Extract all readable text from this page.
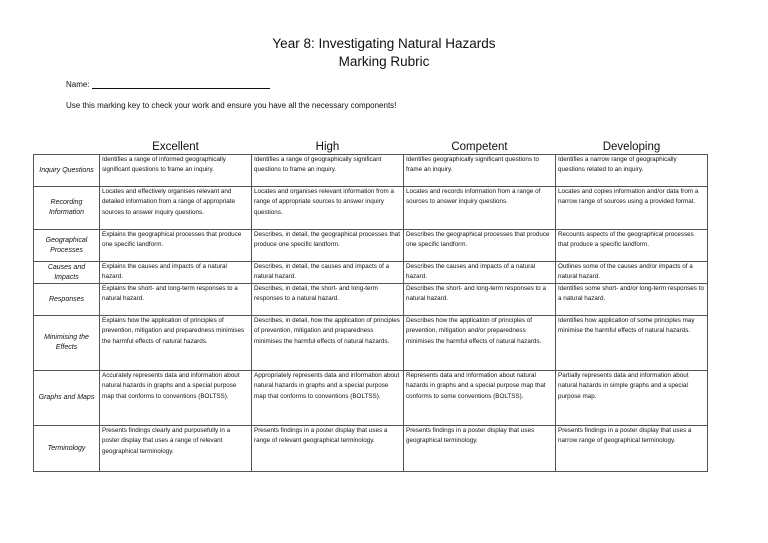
Year 8: Investigating Natural Hazards
Marking Rubric
Name:
Use this marking key to check your work and ensure you have all the necessary components!
	Excellent	High	Competent	Developing
Inquiry Questions	Identifies a range of informed geographically significant questions to frame an inquiry.	Identifies a range of geographically significant questions to frame an inquiry.	Identifies geographically significant questions to frame an inquiry.	Identifies a narrow range of geographically questions related to an inquiry.
Recording Information	Locates and effectively organises relevant and detailed information from a range of appropriate sources to answer inquiry questions.	Locates and organises relevant information from a range of appropriate sources to answer inquiry questions.	Locates and records information from a range of sources to answer inquiry questions.	Locates and copies information and/or data from a narrow range of sources using a provided format.
Geographical Processes	Explains the geographical processes that produce one specific landform.	Describes, in detail, the geographical processes that produce one specific landform.	Describes the geographical processes that produce one specific landform.	Recounts aspects of the geographical processes that produce a specific landform.
Causes and Impacts	Explains the causes and impacts of a natural hazard.	Describes, in detail, the causes and impacts of a natural hazard.	Describes the causes and impacts of a natural hazard.	Outlines some of the causes and/or impacts of a natural hazard.
Responses	Explains the short- and long-term responses to a natural hazard.	Describes, in detail, the short- and long-term responses to a natural hazard.	Describes the short- and long-term responses to a natural hazard.	Identifies some short- and/or long-term responses to a natural hazard.
Minimising the Effects	Explains how the application of principles of prevention, mitigation and preparedness minimises the harmful effects of natural hazards.	Describes, in detail, how the application of principles of prevention, mitigation and preparedness minimises the harmful effects of natural hazards.	Describes how the application of principles of prevention, mitigation and/or preparedness minimises the harmful effects of natural hazards.	Identifies how application of some principles may minimise the harmful effects of natural hazards.
Graphs and Maps	Accurately represents data and information about natural hazards in graphs and a special purpose map that conforms to conventions (BOLTSS).	Appropriately represents data and information about natural hazards in graphs and a special purpose map that conforms to conventions (BOLTSS).	Represents data and information about natural hazards in graphs and a special purpose map that conforms to some conventions (BOLTSS).	Partially represents data and information about natural hazards in simple graphs and a special purpose map.
Terminology	Presents findings clearly and purposefully in a poster display that uses a range of relevant geographical terminology.	Presents findings in a poster display that uses a range of relevant geographical terminology.	Presents findings in a poster display that uses geographical terminology.	Presents findings in a poster display that uses a narrow range of geographical terminology.
